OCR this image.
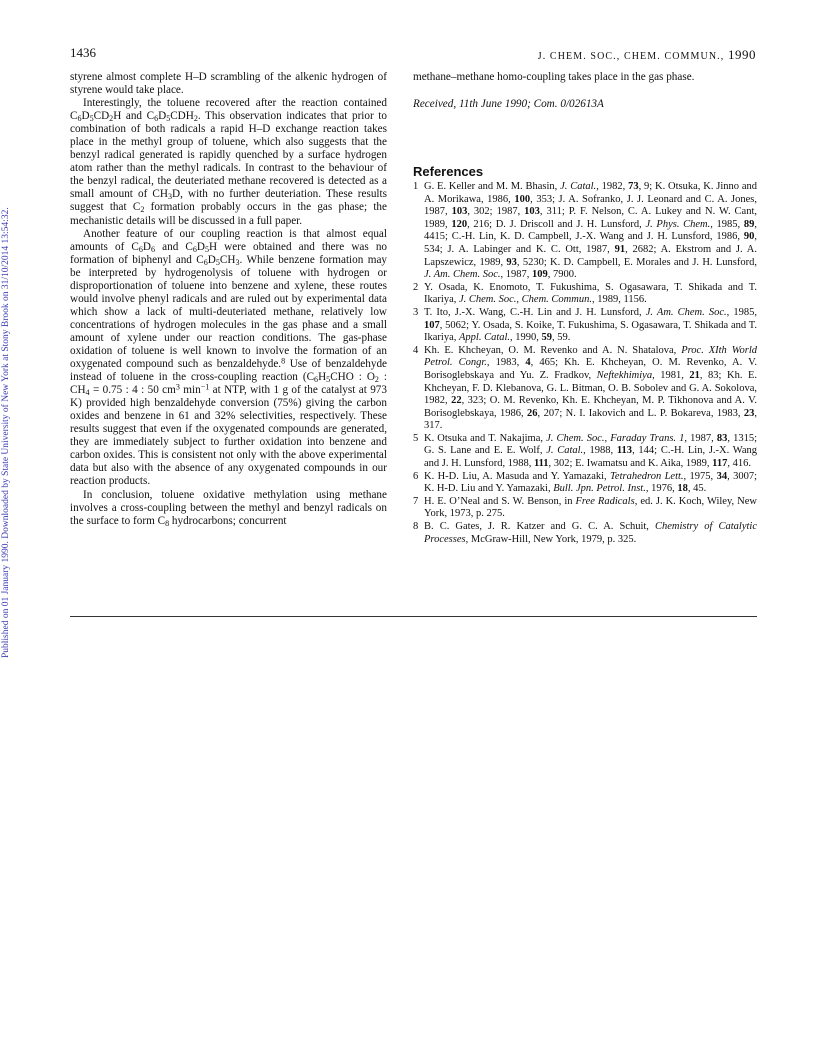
1436	J. CHEM. SOC., CHEM. COMMUN., 1990
Published on 01 January 1990. Downloaded by State University of New York at Stony Brook on 31/10/2014 13:54:32.

styrene almost complete H–D scrambling of the alkenic hydrogen of styrene would take place.

Interestingly, the toluene recovered after the reaction contained $C_6D_5CD_2H$ and $C_6D_5CDH_2$. This observation indicates that prior to combination of both radicals a rapid H–D exchange reaction takes place in the methyl group of toluene, which also suggests that the benzyl radical generated is rapidly quenched by a surface hydrogen atom rather than the methyl radicals. In contrast to the behaviour of the benzyl radical, the deuteriated methane recovered is detected as a small amount of $CH_3D$, with no further deuteriation. These results suggest that $C_2$ formation probably occurs in the gas phase; the mechanistic details will be discussed in a full paper.

Another feature of our coupling reaction is that almost equal amounts of $C_6D_6$ and $C_6D_5H$ were obtained and there was no formation of biphenyl and $C_6D_5CH_3$. While benzene formation may be interpreted by hydrogenolysis of toluene with hydrogen or disproportionation of toluene into benzene and xylene, these routes would involve phenyl radicals and are ruled out by experimental data which show a lack of multi-deuteriated methane, relatively low concentrations of hydrogen molecules in the gas phase and a small amount of xylene under our reaction conditions. The gas-phase oxidation of toluene is well known to involve the formation of an oxygenated compound such as benzaldehyde.$^8$ Use of benzaldehyde instead of toluene in the cross-coupling reaction ($C_6H_5CHO$ : $O_2$ : $CH_4 = 0.75$ : 4 : 50 $cm^3$ $\min^{-1}$ at NTP, with 1 g of the catalyst at 973 K) provided high benzaldehyde conversion (75%) giving the carbon oxides and benzene in 61 and 32% selectivities, respectively. These results suggest that even if the oxygenated compounds are generated, they are immediately subject to further oxidation into benzene and carbon oxides. This is consistent not only with the above experimental data but also with the absence of any oxygenated compounds in our reaction products.

In conclusion, toluene oxidative methylation using methane involves a cross-coupling between the methyl and benzyl radicals on the surface to form $C_8$ hydrocarbons; concurrent

methane–methane homo-coupling takes place in the gas phase.

Received, 11th June 1990; Com. 0/02613A

References
1 G. E. Keller and M. M. Bhasin, J. Catal., 1982, 73, 9; K. Otsuka, K. Jinno and A. Morikawa, 1986, 100, 353; J. A. Sofranko, J. J. Leonard and C. A. Jones, 1987, 103, 302; 1987, 103, 311; P. F. Nelson, C. A. Lukey and N. W. Cant, 1989, 120, 216; D. J. Driscoll and J. H. Lunsford, J. Phys. Chem., 1985, 89, 4415; C.-H. Lin, K. D. Campbell, J.-X. Wang and J. H. Lunsford, 1986, 90, 534; J. A. Labinger and K. C. Ott, 1987, 91, 2682; A. Ekstrom and J. A. Lapszewicz, 1989, 93, 5230; K. D. Campbell, E. Morales and J. H. Lunsford, J. Am. Chem. Soc., 1987, 109, 7900.
2 Y. Osada, K. Enomoto, T. Fukushima, S. Ogasawara, T. Shikada and T. Ikariya, J. Chem. Soc., Chem. Commun., 1989, 1156.
3 T. Ito, J.-X. Wang, C.-H. Lin and J. H. Lunsford, J. Am. Chem. Soc., 1985, 107, 5062; Y. Osada, S. Koike, T. Fukushima, S. Ogasawara, T. Shikada and T. Ikariya, Appl. Catal., 1990, 59, 59.
4 Kh. E. Khcheyan, O. M. Revenko and A. N. Shatalova, Proc. XIth World Petrol. Congr., 1983, 4, 465; Kh. E. Khcheyan, O. M. Revenko, A. V. Borisoglebskaya and Yu. Z. Fradkov, Neftekhimiya, 1981, 21, 83; Kh. E. Khcheyan, F. D. Klebanova, G. L. Bitman, O. B. Sobolev and G. A. Sokolova, 1982, 22, 323; O. M. Revenko, Kh. E. Khcheyan, M. P. Tikhonova and A. V. Borisoglebskaya, 1986, 26, 207; N. I. Iakovich and L. P. Bokareva, 1983, 23, 317.
5 K. Otsuka and T. Nakajima, J. Chem. Soc., Faraday Trans. 1, 1987, 83, 1315; G. S. Lane and E. E. Wolf, J. Catal., 1988, 113, 144; C.-H. Lin, J.-X. Wang and J. H. Lunsford, 1988, 111, 302; E. Iwamatsu and K. Aika, 1989, 117, 416.
6 K. H-D. Liu, A. Masuda and Y. Yamazaki, Tetrahedron Lett., 1975, 34, 3007; K. H-D. Liu and Y. Yamazaki, Bull. Jpn. Petrol. Inst., 1976, 18, 45.
7 H. E. O’Neal and S. W. Benson, in Free Radicals, ed. J. K. Koch, Wiley, New York, 1973, p. 275.
8 B. C. Gates, J. R. Katzer and G. C. A. Schuit, Chemistry of Catalytic Processes, McGraw-Hill, New York, 1979, p. 325.
